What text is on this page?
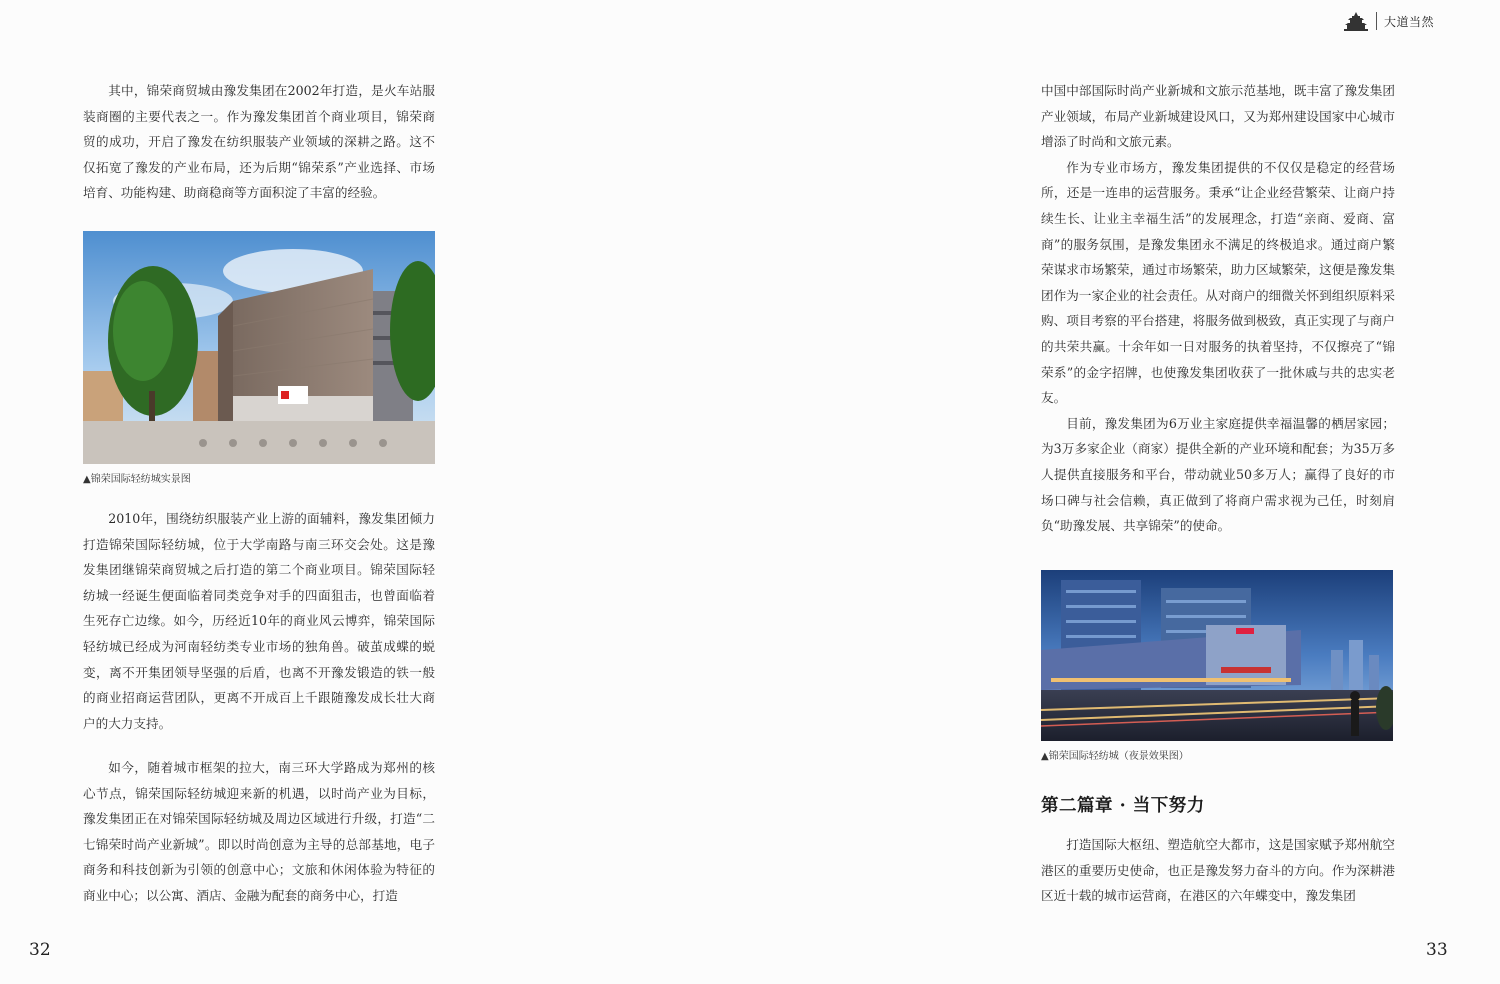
大道当然

其中，锦荣商贸城由豫发集团在2002年打造，是火车站服装商圈的主要代表之一。作为豫发集团首个商业项目，锦荣商贸的成功，开启了豫发在纺织服装产业领域的深耕之路。这不仅拓宽了豫发的产业布局，还为后期“锦荣系”产业选择、市场培育、功能构建、助商稳商等方面积淀了丰富的经验。

▲锦荣国际轻纺城实景图

2010年，围绕纺织服装产业上游的面辅料，豫发集团倾力打造锦荣国际轻纺城，位于大学南路与南三环交会处。这是豫发集团继锦荣商贸城之后打造的第二个商业项目。锦荣国际轻纺城一经诞生便面临着同类竞争对手的四面狙击，也曾面临着生死存亡边缘。如今，历经近10年的商业风云博弈，锦荣国际轻纺城已经成为河南轻纺类专业市场的独角兽。破茧成蝶的蜕变，离不开集团领导坚强的后盾，也离不开豫发锻造的铁一般的商业招商运营团队，更离不开成百上千跟随豫发成长壮大商户的大力支持。

如今，随着城市框架的拉大，南三环大学路成为郑州的核心节点，锦荣国际轻纺城迎来新的机遇，以时尚产业为目标，豫发集团正在对锦荣国际轻纺城及周边区域进行升级，打造“二七锦荣时尚产业新城”。即以时尚创意为主导的总部基地，电子商务和科技创新为引领的创意中心；文旅和休闲体验为特征的商业中心；以公寓、酒店、金融为配套的商务中心，打造

32

中国中部国际时尚产业新城和文旅示范基地，既丰富了豫发集团产业领域，布局产业新城建设风口，又为郑州建设国家中心城市增添了时尚和文旅元素。

作为专业市场方，豫发集团提供的不仅仅是稳定的经营场所，还是一连串的运营服务。秉承“让企业经营繁荣、让商户持续生长、让业主幸福生活”的发展理念，打造“亲商、爱商、富商”的服务氛围，是豫发集团永不满足的终极追求。通过商户繁荣谋求市场繁荣，通过市场繁荣，助力区域繁荣，这便是豫发集团作为一家企业的社会责任。从对商户的细微关怀到组织原料采购、项目考察的平台搭建，将服务做到极致，真正实现了与商户的共荣共赢。十余年如一日对服务的执着坚持，不仅擦亮了“锦荣系”的金字招牌，也使豫发集团收获了一批休戚与共的忠实老友。

目前，豫发集团为6万业主家庭提供幸福温馨的栖居家园；为3万多家企业（商家）提供全新的产业环境和配套；为35万多人提供直接服务和平台，带动就业50多万人；赢得了良好的市场口碑与社会信赖，真正做到了将商户需求视为己任，时刻肩负“助豫发展、共享锦荣”的使命。

▲锦荣国际轻纺城（夜景效果图）
第二篇章 · 当下努力

打造国际大枢纽、塑造航空大都市，这是国家赋予郑州航空港区的重要历史使命，也正是豫发努力奋斗的方向。作为深耕港区近十载的城市运营商，在港区的六年蝶变中，豫发集团

33
